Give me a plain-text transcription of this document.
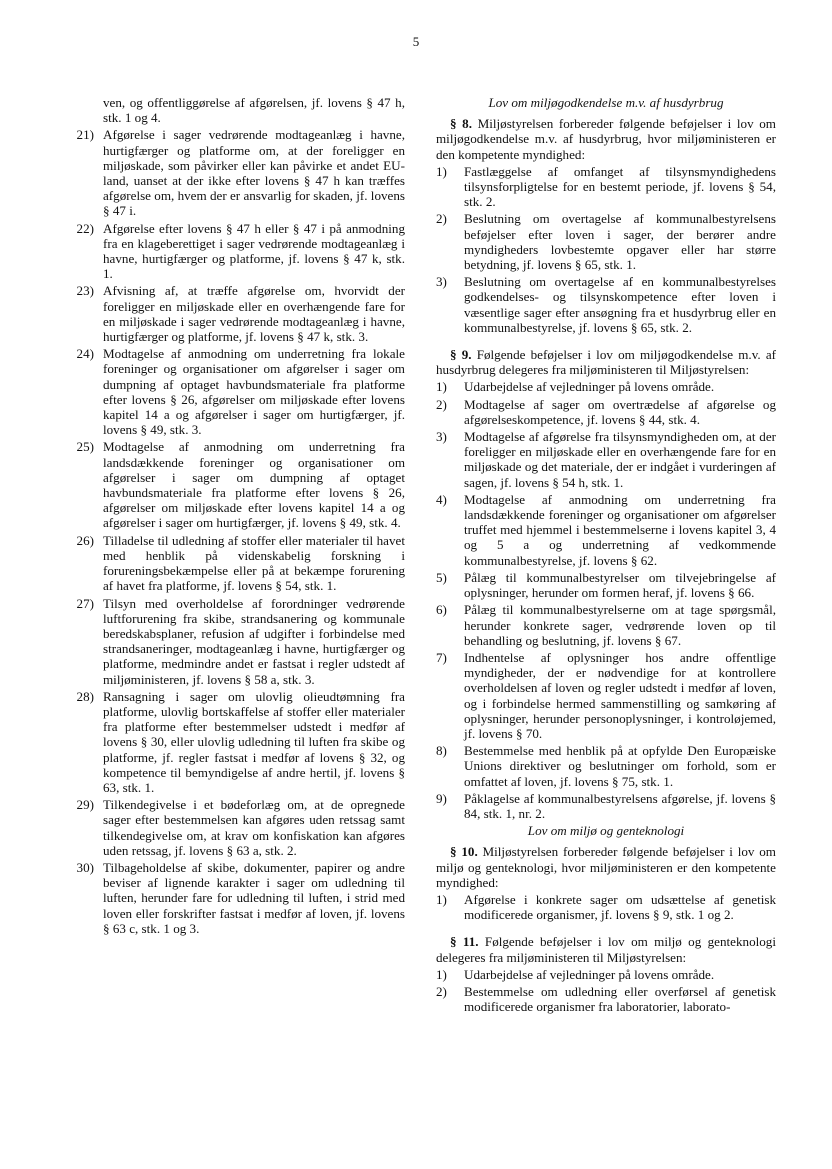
5
ven, og offentliggørelse af afgørelsen, jf. lovens § 47 h, stk. 1 og 4.
21) Afgørelse i sager vedrørende modtageanlæg i havne, hurtigfærger og platforme om, at der foreligger en miljøskade, som påvirker eller kan påvirke et andet EU-land, uanset at der ikke efter lovens § 47 h kan træffes afgørelse om, hvem der er ansvarlig for skaden, jf. lovens § 47 i.
22) Afgørelse efter lovens § 47 h eller § 47 i på anmodning fra en klageberettiget i sager vedrørende modtageanlæg i havne, hurtigfærger og platforme, jf. lovens § 47 k, stk. 1.
23) Afvisning af, at træffe afgørelse om, hvorvidt der foreligger en miljøskade eller en overhængende fare for en miljøskade i sager vedrørende modtageanlæg i havne, hurtigfærger og platforme, jf. lovens § 47 k, stk. 3.
24) Modtagelse af anmodning om underretning fra lokale foreninger og organisationer om afgørelser i sager om dumpning af optaget havbundsmateriale fra platforme efter lovens § 26, afgørelser om miljøskade efter lovens kapitel 14 a og afgørelser i sager om hurtigfærger, jf. lovens § 49, stk. 3.
25) Modtagelse af anmodning om underretning fra landsdækkende foreninger og organisationer om afgørelser i sager om dumpning af optaget havbundsmateriale fra platforme efter lovens § 26, afgørelser om miljøskade efter lovens kapitel 14 a og afgørelser i sager om hurtigfærger, jf. lovens § 49, stk. 4.
26) Tilladelse til udledning af stoffer eller materialer til havet med henblik på videnskabelig forskning i forureningsbekæmpelse eller på at bekæmpe forurening af havet fra platforme, jf. lovens § 54, stk. 1.
27) Tilsyn med overholdelse af forordninger vedrørende luftforurening fra skibe, strandsanering og kommunale beredskabsplaner, refusion af udgifter i forbindelse med strandsaneringer, modtageanlæg i havne, hurtigfærger og platforme, medmindre andet er fastsat i regler udstedt af miljøministeren, jf. lovens § 58 a, stk. 3.
28) Ransagning i sager om ulovlig olieudtømning fra platforme, ulovlig bortskaffelse af stoffer eller materialer fra platforme efter bestemmelser udstedt i medfør af lovens § 30, eller ulovlig udledning til luften fra skibe og platforme, jf. regler fastsat i medfør af lovens § 32, og kompetence til bemyndigelse af andre hertil, jf. lovens § 63, stk. 1.
29) Tilkendegivelse i et bødeforlæg om, at de opregnede sager efter bestemmelsen kan afgøres uden retssag samt tilkendegivelse om, at krav om konfiskation kan afgøres uden retssag, jf. lovens § 63 a, stk. 2.
30) Tilbageholdelse af skibe, dokumenter, papirer og andre beviser af lignende karakter i sager om udledning til luften, herunder fare for udledning til luften, i strid med loven eller forskrifter fastsat i medfør af loven, jf. lovens § 63 c, stk. 1 og 3.
Lov om miljøgodkendelse m.v. af husdyrbrug
§ 8. Miljøstyrelsen forbereder følgende beføjelser i lov om miljøgodkendelse m.v. af husdyrbrug, hvor miljøministeren er den kompetente myndighed:
1)	Fastlæggelse af omfanget af tilsynsmyndighedens tilsynsforpligtelse for en bestemt periode, jf. lovens § 54, stk. 2.
2)	Beslutning om overtagelse af kommunalbestyrelsens beføjelser efter loven i sager, der berører andre myndigheders lovbestemte opgaver eller har større betydning, jf. lovens § 65, stk. 1.
3)	Beslutning om overtagelse af en kommunalbestyrelses godkendelses- og tilsynskompetence efter loven i væsentlige sager efter ansøgning fra et husdyrbrug eller en kommunalbestyrelse, jf. lovens § 65, stk. 2.
§ 9. Følgende beføjelser i lov om miljøgodkendelse m.v. af husdyrbrug delegeres fra miljøministeren til Miljøstyrelsen:
1)	Udarbejdelse af vejledninger på lovens område.
2)	Modtagelse af sager om overtrædelse af afgørelse og afgørelseskompetence, jf. lovens § 44, stk. 4.
3)	Modtagelse af afgørelse fra tilsynsmyndigheden om, at der foreligger en miljøskade eller en overhængende fare for en miljøskade og det materiale, der er indgået i vurderingen af sagen, jf. lovens § 54 h, stk. 1.
4)	Modtagelse af anmodning om underretning fra landsdækkende foreninger og organisationer om afgørelser truffet med hjemmel i bestemmelserne i lovens kapitel 3, 4 og 5 a og underretning af vedkommende kommunalbestyrelse, jf. lovens § 62.
5)	Pålæg til kommunalbestyrelser om tilvejebringelse af oplysninger, herunder om formen heraf, jf. lovens § 66.
6)	Pålæg til kommunalbestyrelserne om at tage spørgsmål, herunder konkrete sager, vedrørende loven op til behandling og beslutning, jf. lovens § 67.
7)	Indhentelse af oplysninger hos andre offentlige myndigheder, der er nødvendige for at kontrollere overholdelsen af loven og regler udstedt i medfør af loven, og i forbindelse hermed sammenstilling og samkøring af oplysninger, herunder personoplysninger, i kontroløjemed, jf. lovens § 70.
8)	Bestemmelse med henblik på at opfylde Den Europæiske Unions direktiver og beslutninger om forhold, som er omfattet af loven, jf. lovens § 75, stk. 1.
9)	Påklagelse af kommunalbestyrelsens afgørelse, jf. lovens § 84, stk. 1, nr. 2.
Lov om miljø og genteknologi
§ 10. Miljøstyrelsen forbereder følgende beføjelser i lov om miljø og genteknologi, hvor miljøministeren er den kompetente myndighed:
1)	Afgørelse i konkrete sager om udsættelse af genetisk modificerede organismer, jf. lovens § 9, stk. 1 og 2.
§ 11. Følgende beføjelser i lov om miljø og genteknologi delegeres fra miljøministeren til Miljøstyrelsen:
1)	Udarbejdelse af vejledninger på lovens område.
2)	Bestemmelse om udledning eller overførsel af genetisk modificerede organismer fra laboratorier, laborato-
